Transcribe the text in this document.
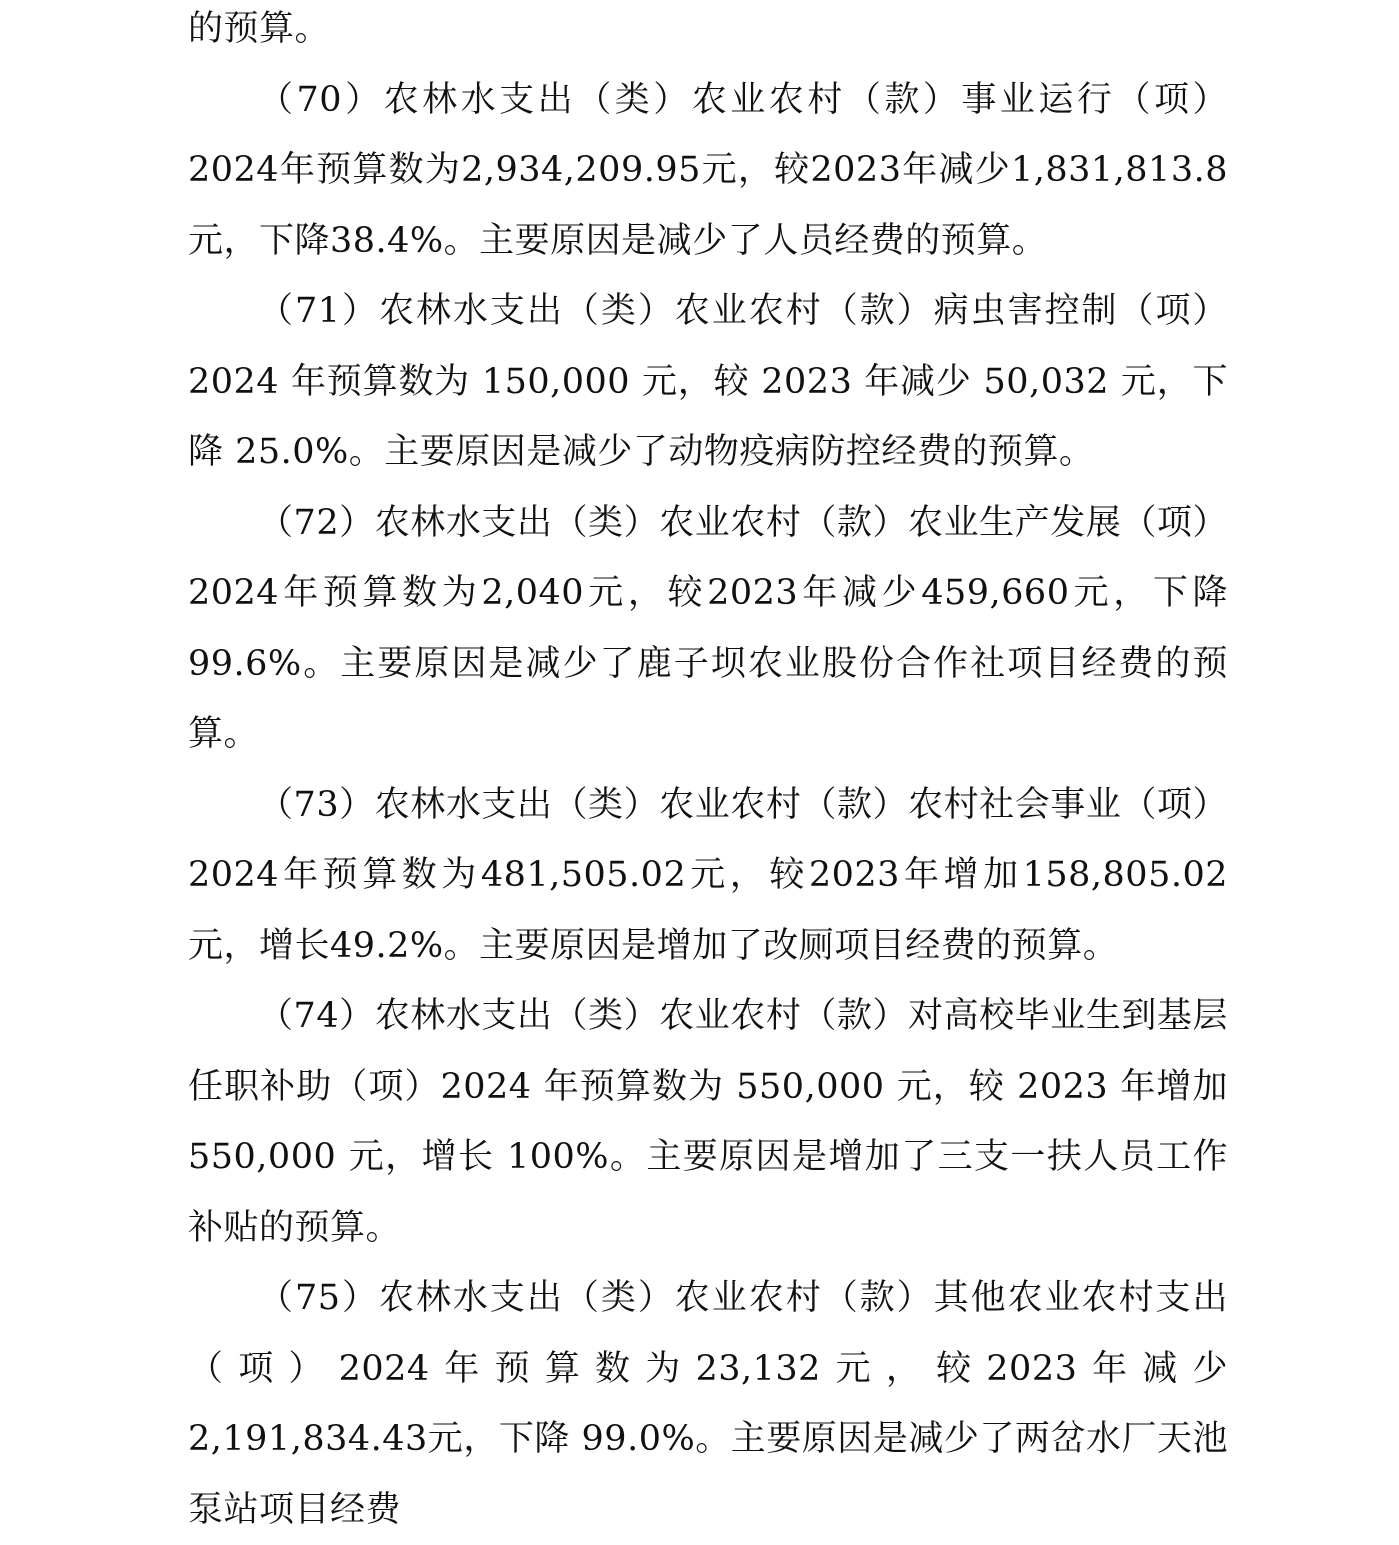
的预算。

（70）农林水支出（类）农业农村（款）事业运行（项）2024年预算数为2,934,209.95元，较2023年减少1,831,813.8元，下降38.4%。主要原因是减少了人员经费的预算。

（71）农林水支出（类）农业农村（款）病虫害控制（项）2024 年预算数为 150,000 元，较 2023 年减少 50,032 元，下降 25.0%。主要原因是减少了动物疫病防控经费的预算。

（72）农林水支出（类）农业农村（款）农业生产发展（项）2024年预算数为2,040元，较2023年减少459,660元，下降 99.6%。主要原因是减少了鹿子坝农业股份合作社项目经费的预算。

（73）农林水支出（类）农业农村（款）农村社会事业（项）2024年预算数为481,505.02元，较2023年增加158,805.02元，增长49.2%。主要原因是增加了改厕项目经费的预算。

（74）农林水支出（类）农业农村（款）对高校毕业生到基层任职补助（项）2024 年预算数为 550,000 元，较 2023 年增加 550,000 元，增长 100%。主要原因是增加了三支一扶人员工作补贴的预算。

（75）农林水支出（类）农业农村（款）其他农业农村支出（项）2024年预算数为23,132元，较2023年减少2,191,834.43元，下降 99.0%。主要原因是减少了两岔水厂天池泵站项目经费
